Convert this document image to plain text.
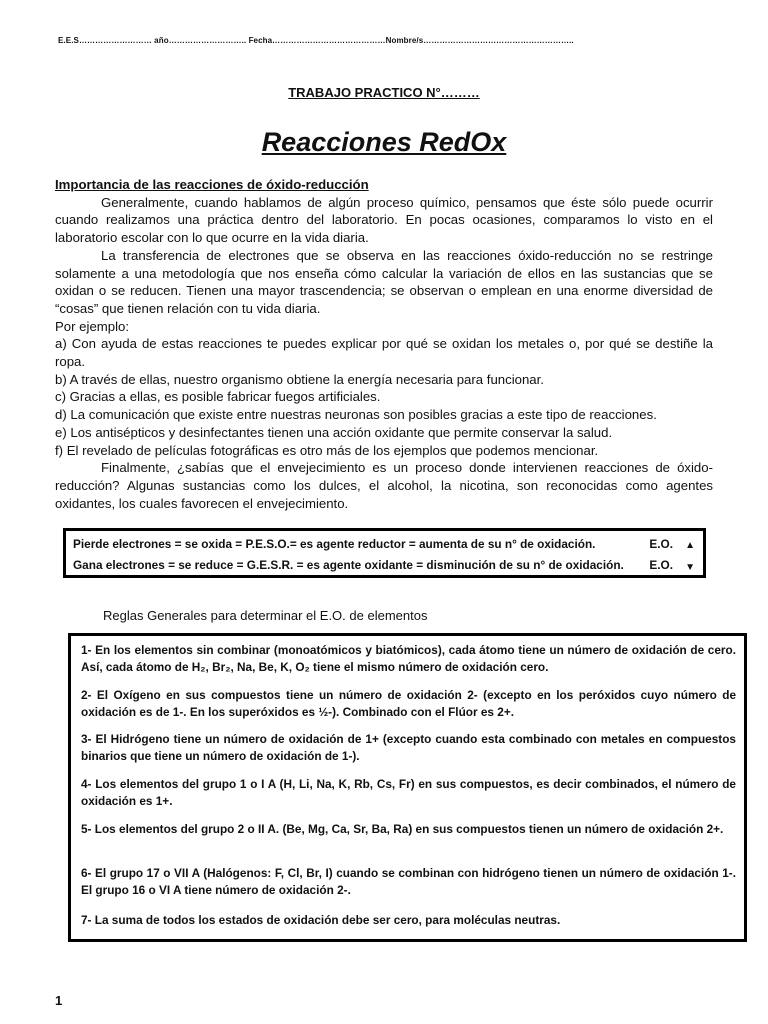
E.E.S……………………… año……………………….. Fecha……………………………………Nombre/s………………………………………………..
TRABAJO PRACTICO N°………
Reacciones RedOx

Importancia de las reacciones de óxido-reducción

Generalmente, cuando hablamos de algún proceso químico, pensamos que éste sólo puede ocurrir cuando realizamos una práctica dentro del laboratorio. En pocas ocasiones, comparamos lo visto en el laboratorio escolar con lo que ocurre en la vida diaria.

La transferencia de electrones que se observa en las reacciones óxido-reducción no se restringe solamente a una metodología que nos enseña cómo calcular la variación de ellos en las sustancias que se oxidan o se reducen. Tienen una mayor trascendencia; se observan o emplean en una enorme diversidad de “cosas” que tienen relación con tu vida diaria.

Por ejemplo:

a) Con ayuda de estas reacciones te puedes explicar por qué se oxidan los metales o, por qué se destiñe la ropa.

b) A través de ellas, nuestro organismo obtiene la energía necesaria para funcionar.

c) Gracias a ellas, es posible fabricar fuegos artificiales.

d) La comunicación que existe entre nuestras neuronas son posibles gracias a este tipo de reacciones.

e) Los antisépticos y desinfectantes tienen una acción oxidante que permite conservar la salud.

f) El revelado de películas fotográficas es otro más de los ejemplos que podemos mencionar.

Finalmente, ¿sabías que el envejecimiento es un proceso donde intervienen reacciones de óxido-reducción? Algunas sustancias como los dulces, el alcohol, la nicotina, son reconocidas como agentes oxidantes, los cuales favorecen el envejecimiento.

Pierde electrones = se oxida = P.E.S.O.= es agente reductor = aumenta de su n° de oxidación.	E.O. ▲
Gana electrones = se reduce = G.E.S.R. = es agente oxidante = disminución de su n° de oxidación. E.O. ▼
Reglas Generales para determinar el E.O. de elementos

1- En los elementos sin combinar (monoatómicos y biatómicos), cada átomo tiene un número de oxidación de cero. Así, cada átomo de H₂, Br₂, Na, Be, K, O₂ tiene el mismo número de oxidación cero.

2- El Oxígeno en sus compuestos tiene un número de oxidación 2- (excepto en los peróxidos cuyo número de oxidación es de 1-. En los superóxidos es ½-). Combinado con el Flúor es 2+.

3- El Hidrógeno tiene un número de oxidación de 1+ (excepto cuando esta combinado con metales en compuestos binarios que tiene un número de oxidación de 1-).

4- Los elementos del grupo 1 o I A (H, Li, Na, K, Rb, Cs, Fr) en sus compuestos, es decir combinados, el número de oxidación es 1+.

5- Los elementos del grupo 2 o II A. (Be, Mg, Ca, Sr, Ba, Ra) en sus compuestos tienen un número de oxidación 2+.

6- El grupo 17 o VII A (Halógenos: F, Cl, Br, I) cuando se combinan con hidrógeno tienen un número de oxidación 1-. El grupo 16 o VI A tiene número de oxidación 2-.

7- La suma de todos los estados de oxidación debe ser cero, para moléculas neutras.

1
